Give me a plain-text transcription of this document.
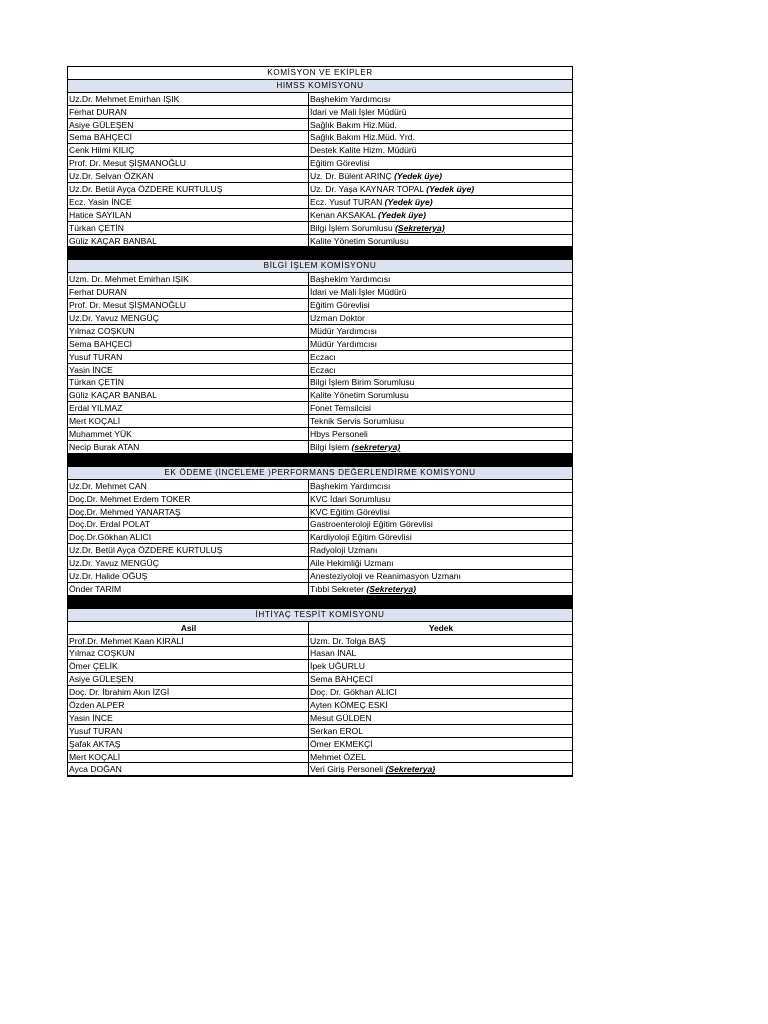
KOMİSYON VE EKİPLER
HIMSS KOMİSYONU
Uz.Dr. Mehmet Emirhan IŞIK	Başhekim Yardımcısı
Ferhat DURAN	İdari ve Mali İşler Müdürü
Asiye GÜLEŞEN	Sağlık Bakım Hiz.Müd.
Sema BAHÇECİ	Sağlık Bakım Hiz.Müd. Yrd.
Cenk Hilmi KILIÇ	Destek Kalite Hizm. Müdürü
Prof. Dr. Mesut ŞİŞMANOĞLU	Eğitim Görevlisi
Uz.Dr. Selvan ÖZKAN	Uz. Dr. Bülent ARINÇ (Yedek üye)
Uz.Dr. Betül Ayça ÖZDERE KURTULUŞ	Uz. Dr. Yaşa KAYNAR TOPAL (Yedek üye)
Ecz. Yasin İNCE	Ecz. Yusuf TURAN (Yedek üye)
Hatice SAYILAN	Kenan AKSAKAL (Yedek üye)
Türkan ÇETİN	Bilgi İşlem Sorumlusu (Sekreterya)
Güliz KAÇAR BANBAL	Kalite Yönetim Sorumlusu
BİLGİ İŞLEM KOMİSYONU
Uzm. Dr. Mehmet Emirhan IŞIK	Başhekim Yardımcısı
Ferhat DURAN	İdari ve Mali İşler Müdürü
Prof. Dr. Mesut ŞİŞMANOĞLU	Eğitim Görevlisi
Uz.Dr. Yavuz MENGÜÇ	Uzman Doktor
Yılmaz COŞKUN	Müdür Yardımcısı
Sema BAHÇECİ	Müdür Yardımcısı
Yusuf TURAN	Eczacı
Yasin İNCE	Eczacı
Türkan ÇETİN	Bilgi İşlem Birim Sorumlusu
Güliz KAÇAR BANBAL	Kalite Yönetim Sorumlusu
Erdal YILMAZ	Fonet Temsilcisi
Mert KOÇALİ	Teknik Servis Sorumlusu
Muhammet YÜK	Hbys Personeli
Necip Burak ATAN	Bilgi İşlem (sekreterya)
EK ÖDEME (İNCELEME )PERFORMANS DEĞERLENDİRME KOMİSYONU
Uz.Dr. Mehmet CAN	Başhekim Yardımcısı
Doç.Dr. Mehmet Erdem TOKER	KVC İdari Sorumlusu
Doç.Dr. Mehmed YANARTAŞ	KVC Eğitim Görevlisi
Doç.Dr. Erdal POLAT	Gastroenteroloji Eğitim Görevlisi
Doç.Dr.Gökhan ALICI	Kardiyoloji Eğitim Görevlisi
Uz.Dr. Betül Ayça ÖZDERE KURTULUŞ	Radyoloji Uzmanı
Uz.Dr. Yavuz MENGÜÇ	Aile Hekimliği Uzmanı
Uz.Dr. Halide OĞUŞ	Anesteziyoloji ve Reanimasyon Uzmanı
Önder TARIM	Tıbbi Sekreter (Sekreterya)
İHTİYAÇ TESPİT KOMİSYONU
Asil	Yedek
Prof.Dr. Mehmet Kaan KIRALİ	Uzm. Dr. Tolga BAŞ
Yılmaz COŞKUN	Hasan İNAL
Ömer ÇELİK	İpek UĞURLU
Asiye GÜLEŞEN	Sema BAHÇECİ
Doç. Dr. İbrahim Akın İZGİ	Doç. Dr. Gökhan ALICI
Özden ALPER	Ayten KÖMEÇ ESKİ
Yasin İNCE	Mesut GÜLDEN
Yusuf TURAN	Serkan EROL
Şafak AKTAŞ	Ömer EKMEKÇİ
Mert KOÇALİ	Mehmet ÖZEL
Ayca DOĞAN	Veri Giriş Personeli (Sekreterya)
